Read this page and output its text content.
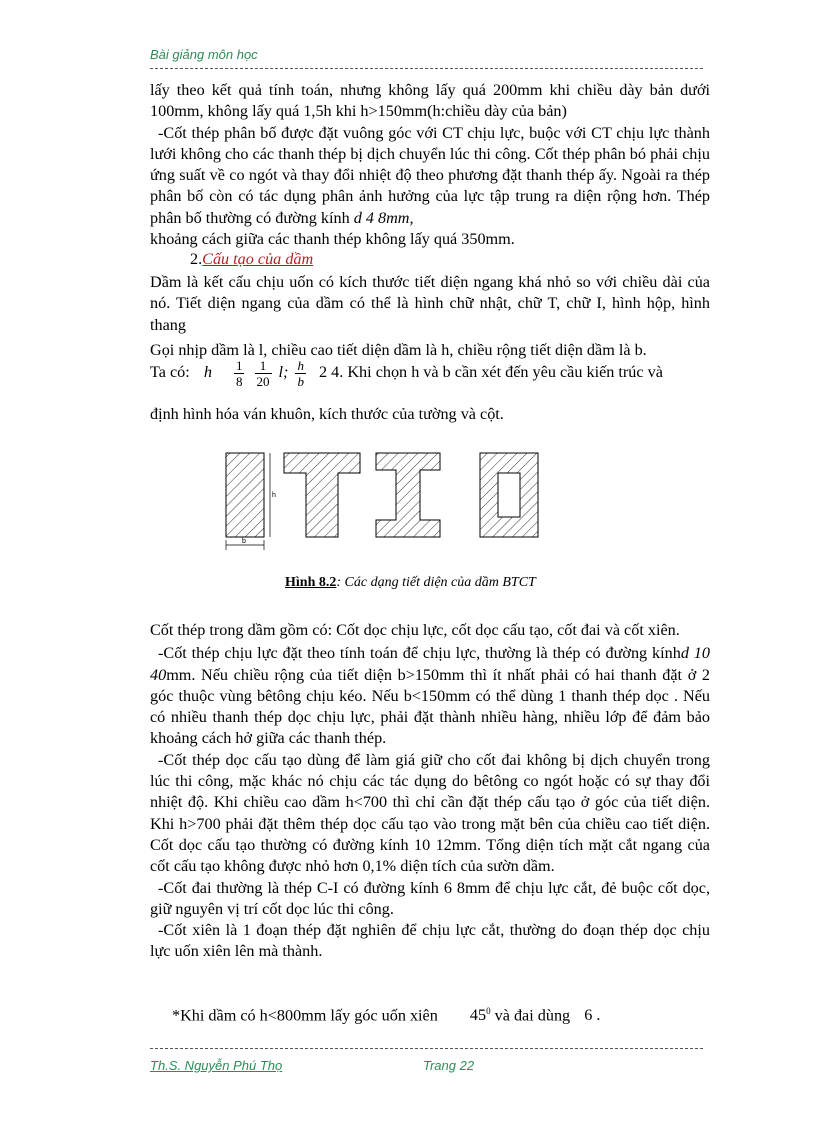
Bài giảng môn học

lấy theo kết quả tính toán, nhưng không lấy quá 200mm khi chiều dày bản dưới 100mm, không lấy quá 1,5h khi h>150mm(h:chiều dày của bản)

-Cốt thép phân bố được đặt vuông góc với CT chịu lực, buộc với CT chịu lực thành lưới không cho các thanh thép bị dịch chuyển lúc thi công. Cốt thép phân bó phải chịu ứng suất về co ngót và thay đổi nhiệt độ theo phương đặt thanh thép ấy. Ngoài ra thép phân bố còn có tác dụng phân ảnh hưởng của lực tập trung ra diện rộng hơn. Thép phân bố thường có đường kính d 4 8mm,

khoảng cách giữa các thanh thép không lấy quá 350mm.

2.Cấu tạo của dầm

Dầm là kết cấu chịu uốn có kích thước tiết diện ngang khá nhỏ so với chiều dài của nó. Tiết diện ngang của dầm có thể là hình chữ nhật, chữ T, chữ I, hình hộp, hình thang

Gọi nhịp dầm là l, chiều cao tiết diện dầm là h, chiều rộng tiết diện dầm là b.

Ta có: h $\frac{1}{8}$
$\frac{1}{20} l$; $\frac{h}{b} 2$ 4. Khi chọn h và b cần xét đến yêu cầu kiến trúc và
định hình hóa ván khuôn, kích thước của tường và cột.
h
b
Hình 8.2: Các dạng tiết diện của dầm BTCT

Cốt thép trong dầm gồm có: Cốt dọc chịu lực, cốt dọc cấu tạo, cốt đai và cốt xiên.

-Cốt thép chịu lực đặt theo tính toán để chịu lực, thường là thép có đường kínhd 10 40mm. Nếu chiều rộng của tiết diện b>150mm thì ít nhất phải có hai thanh đặt ở 2 góc thuộc vùng bêtông chịu kéo. Nếu b<150mm có thể dùng 1 thanh thép dọc . Nếu có nhiều thanh thép dọc chịu lực, phải đặt thành nhiều hàng, nhiều lớp để đảm bảo khoảng cách hở giữa các thanh thép.

-Cốt thép dọc cấu tạo dùng để làm giá giữ cho cốt đai không bị dịch chuyển trong lúc thi công, mặc khác nó chịu các tác dụng do bêtông co ngót hoặc có sự thay đổi nhiệt độ. Khi chiều cao dầm h<700 thì chỉ cần đặt thép cấu tạo ở góc của tiết diện. Khi h>700 phải đặt thêm thép dọc cấu tạo vào trong mặt bên của chiều cao tiết diện. Cốt dọc cấu tạo thường có đường kính 10 12mm. Tổng diện tích mặt cắt ngang của cốt cấu tạo không được nhỏ hơn 0,1% diện tích của sườn dầm.

-Cốt đai thường là thép C-I có đường kính 6 8mm để chịu lực cắt, đẻ buộc cốt dọc, giữ nguyên vị trí cốt dọc lúc thi công.

-Cốt xiên là 1 đoạn thép đặt nghiên để chịu lực cắt, thường do đoạn thép dọc chịu lực uốn xiên lên mà thành.

*Khi dầm có h<800mm lấy góc uốn xiên $45^0$ và đai dùng 6 .
Th.S. Nguyễn Phú Thọ	Trang 22
